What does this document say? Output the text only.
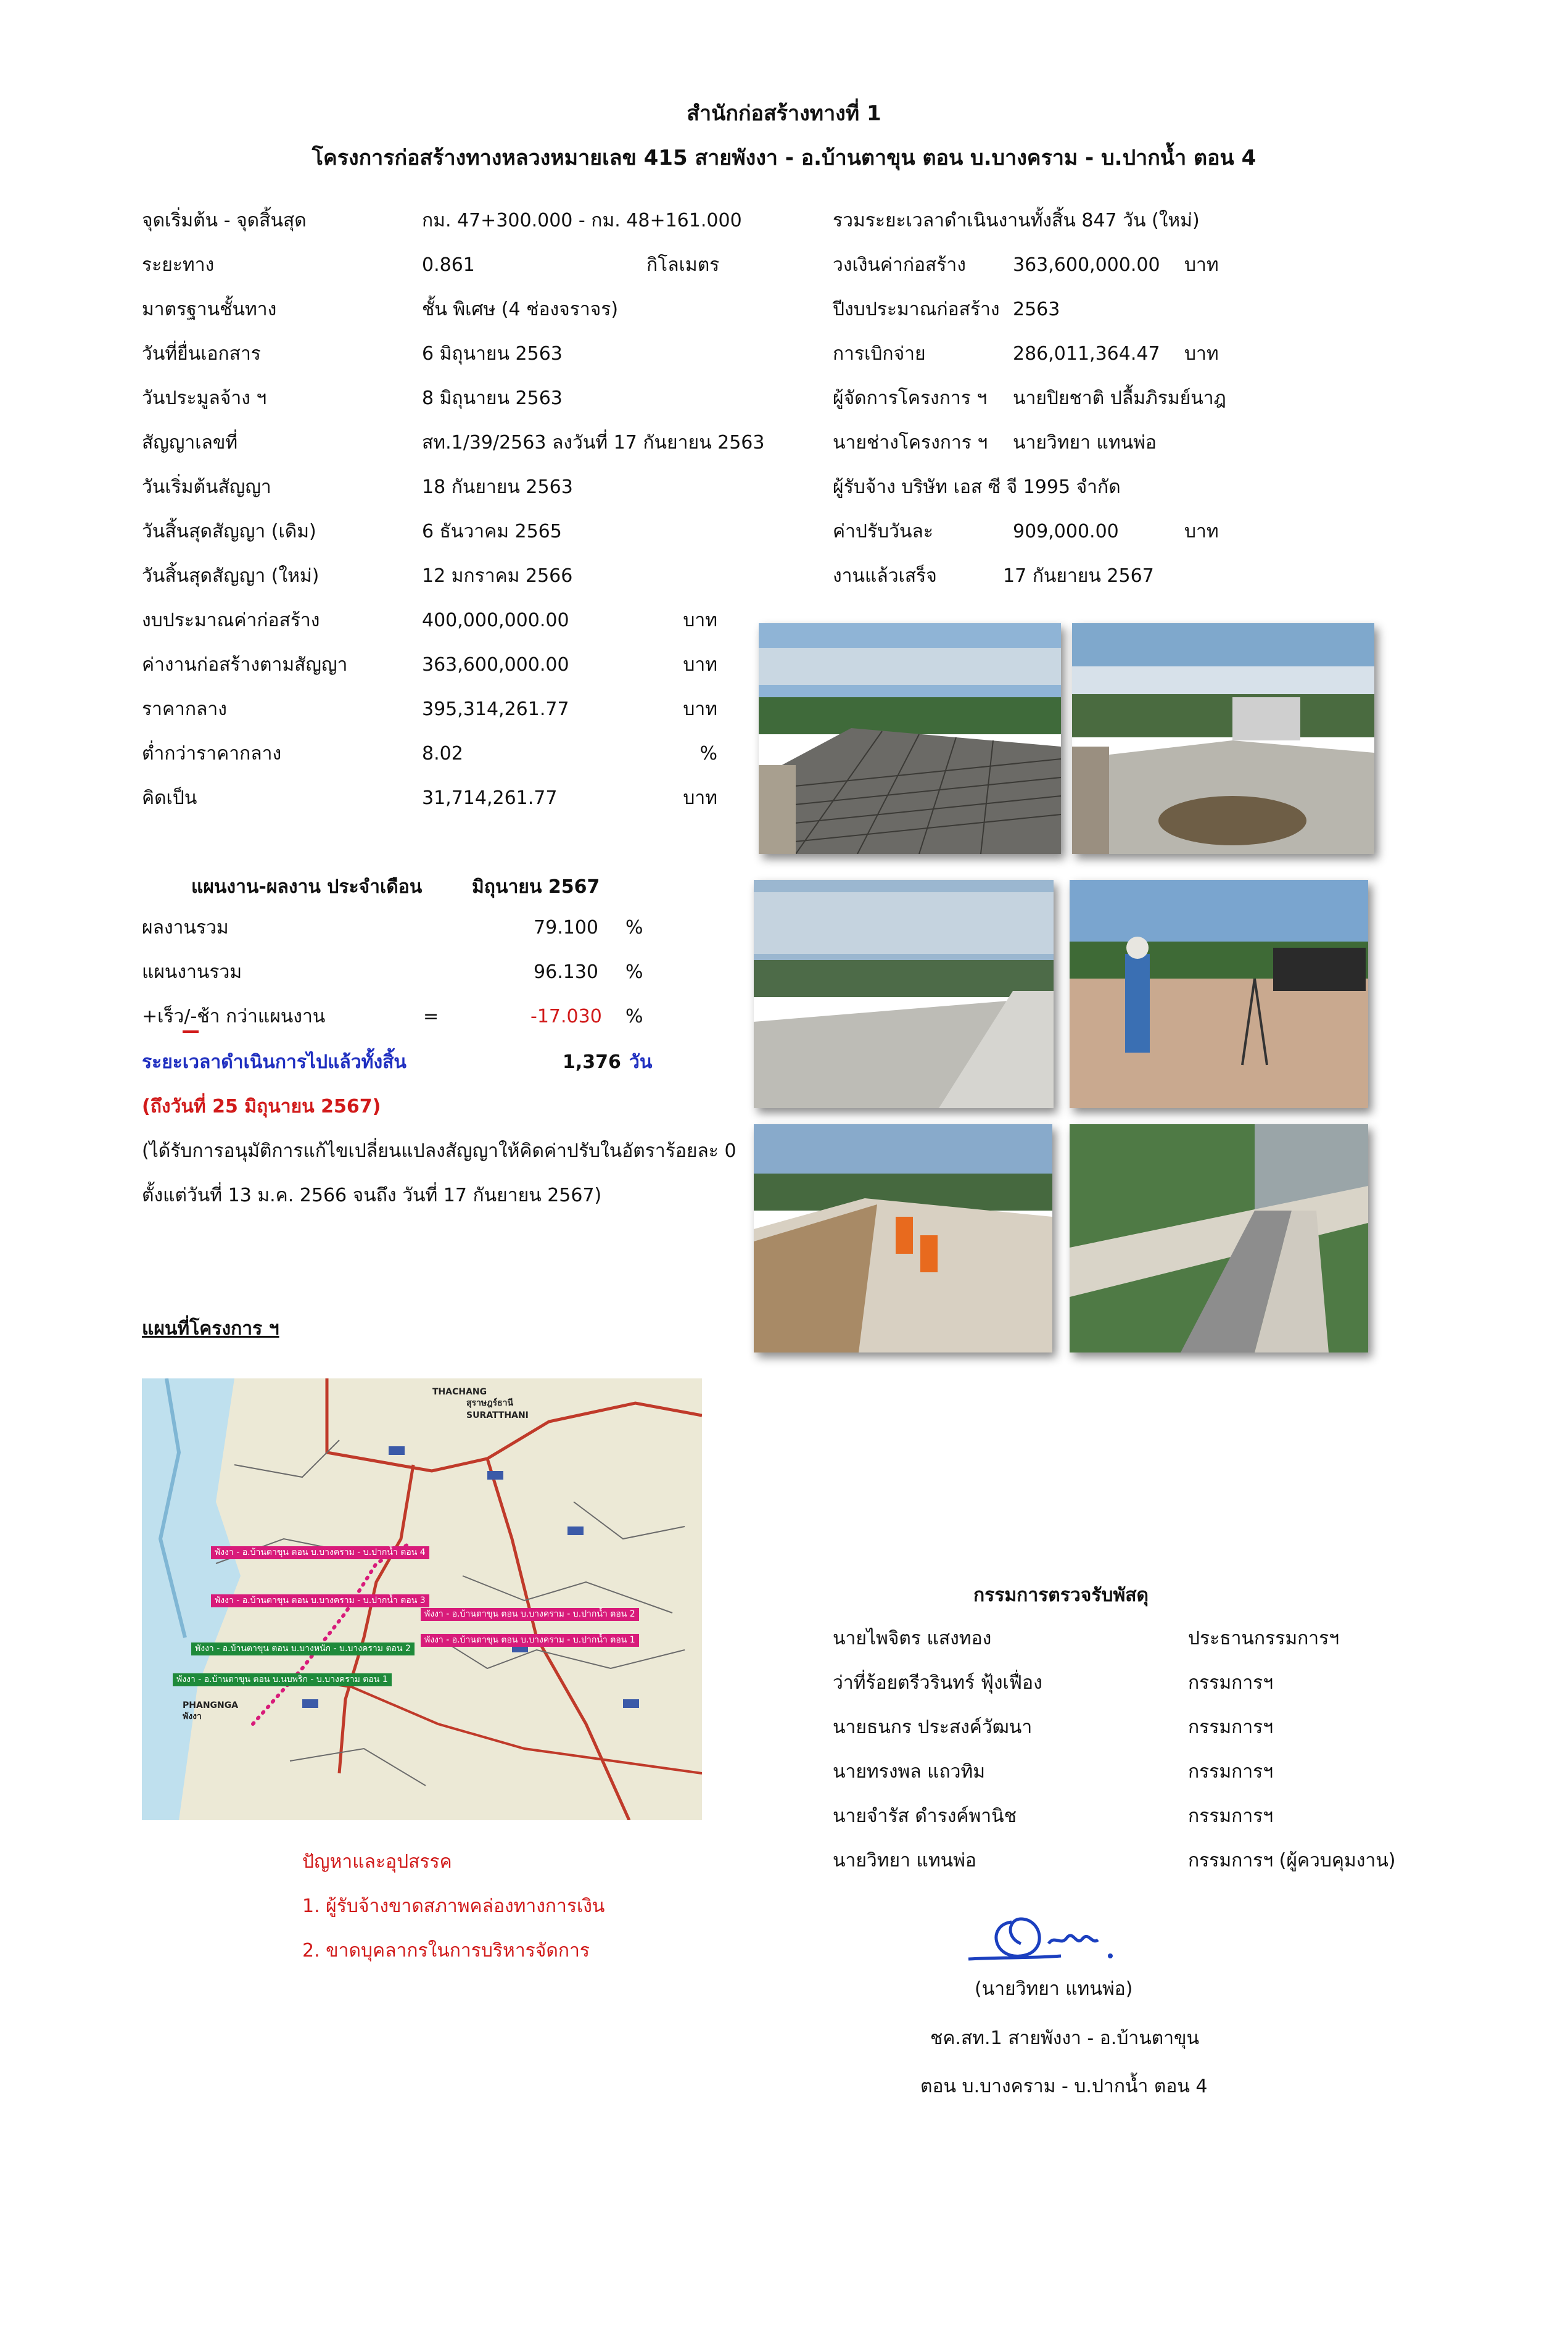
สำนักก่อสร้างทางที่ 1
โครงการก่อสร้างทางหลวงหมายเลข 415 สายพังงา - อ.บ้านตาขุน ตอน บ.บางคราม - บ.ปากน้ำ ตอน 4
จุดเริ่มต้น - จุดสิ้นสุด	กม. 47+300.000 - กม. 48+161.000
ระยะทาง	0.861	กิโลเมตร
มาตรฐานชั้นทาง	ชั้น พิเศษ (4 ช่องจราจร)
วันที่ยื่นเอกสาร	6 มิถุนายน 2563
วันประมูลจ้าง ฯ	8 มิถุนายน 2563
สัญญาเลขที่	สท.1/39/2563 ลงวันที่ 17 กันยายน 2563
วันเริ่มต้นสัญญา	18 กันยายน 2563
วันสิ้นสุดสัญญา (เดิม)	6 ธันวาคม 2565
วันสิ้นสุดสัญญา (ใหม่)	12 มกราคม 2566
งบประมาณค่าก่อสร้าง	400,000,000.00	บาท
ค่างานก่อสร้างตามสัญญา	363,600,000.00	บาท
ราคากลาง	395,314,261.77	บาท
ต่ำกว่าราคากลาง	8.02	%
คิดเป็น	31,714,261.77	บาท
รวมระยะเวลาดำเนินงานทั้งสิ้น 847 วัน (ใหม่)
วงเงินค่าก่อสร้าง	363,600,000.00 บาท
ปีงบประมาณก่อสร้าง 2563
การเบิกจ่าย	286,011,364.47 บาท
ผู้จัดการโครงการ ฯ นายปิยชาติ ปลื้มภิรมย์นาฎ
นายช่างโครงการ ฯ นายวิทยา แทนพ่อ
ผู้รับจ้าง บริษัท เอส ซี จี 1995 จำกัด
ค่าปรับวันละ	909,000.00	บาท
งานแล้วเสร็จ	17 กันยายน 2567
แผนงาน-ผลงาน ประจำเดือน	มิถุนายน 2567
ผลงานรวม	79.100 %
แผนงานรวม	96.130 %
+เร็ว/-ช้า กว่าแผนงาน	=	-17.030 %
ระยะเวลาดำเนินการไปแล้วทั้งสิ้น	1,376 วัน
(ถึงวันที่ 25 มิถุนายน 2567)
(ได้รับการอนุมัติการแก้ไขเปลี่ยนแปลงสัญญาให้คิดค่าปรับในอัตราร้อยละ 0
ตั้งแต่วันที่ 13 ม.ค. 2566 จนถึง วันที่ 17 กันยายน 2567)
แผนที่โครงการ ฯ
THACHANG
สุราษฎร์ธานี
SURATTHANI
PHANGNGA
พังงา
พังงา - อ.บ้านตาขุน ตอน บ.บางคราม - บ.ปากน้ำ ตอน 4
พังงา - อ.บ้านตาขุน ตอน บ.บางคราม - บ.ปากน้ำ ตอน 3
พังงา - อ.บ้านตาขุน ตอน บ.บางคราม - บ.ปากน้ำ ตอน 2
พังงา - อ.บ้านตาขุน ตอน บ.บางคราม - บ.ปากน้ำ ตอน 1
พังงา - อ.บ้านตาขุน ตอน บ.บางหนัก - บ.บางคราม ตอน 2
พังงา - อ.บ้านตาขุน ตอน บ.นบพริก - บ.บางคราม ตอน 1
ปัญหาและอุปสรรค
1. ผู้รับจ้างขาดสภาพคล่องทางการเงิน
2. ขาดบุคลากรในการบริหารจัดการ
กรรมการตรวจรับพัสดุ
นายไพจิตร แสงทอง	ประธานกรรมการฯ
ว่าที่ร้อยตรีวรินทร์ ฟุ้งเฟื่อง	กรรมการฯ
นายธนกร ประสงค์วัฒนา	กรรมการฯ
นายทรงพล แถวทิม	กรรมการฯ
นายจำรัส ดำรงค์พานิช	กรรมการฯ
นายวิทยา แทนพ่อ	กรรมการฯ (ผู้ควบคุมงาน)
(นายวิทยา แทนพ่อ)
ชค.สท.1 สายพังงา - อ.บ้านตาขุน
ตอน บ.บางคราม - บ.ปากน้ำ ตอน 4
